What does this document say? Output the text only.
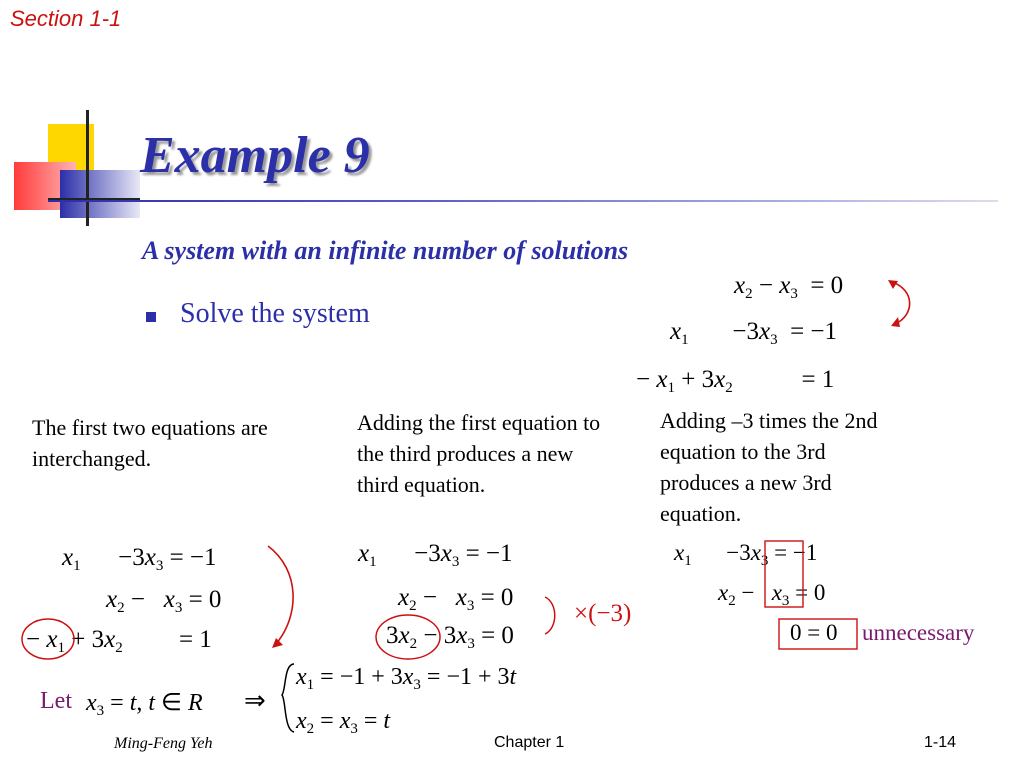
Section 1-1
Example 9
A system with an infinite number of solutions
Solve the system
$x_2 - x_3 = 0$
$x_1$       $-3x_3 = -1$
− $x_1 + 3x_2$           = 1
The first two equations are interchanged.
Adding the first equation to the third produces a new third equation.
Adding –3 times the 2nd equation to the 3rd produces a new 3rd equation.
$x_1$      $-3x_3 = -1$
$x_2 - x_3 = 0$
− $x_1 + 3x_2$         = 1
$x_1$      $-3x_3 = -1$
$x_2 - x_3 = 0$
$3x_2 - 3x_3 = 0$
×(−3)
$x_1$      $-3x_3 = -1$
$x_2 - x_3 = 0$
0 = 0 unnecessary
Let $x_3 = t$, t ∈ R ⇒
$x_1 = -1 + 3x_3 = -1 + 3t$
$x_2 = x_3 = t$
Ming-Feng Yeh	Chapter 1	1-14
